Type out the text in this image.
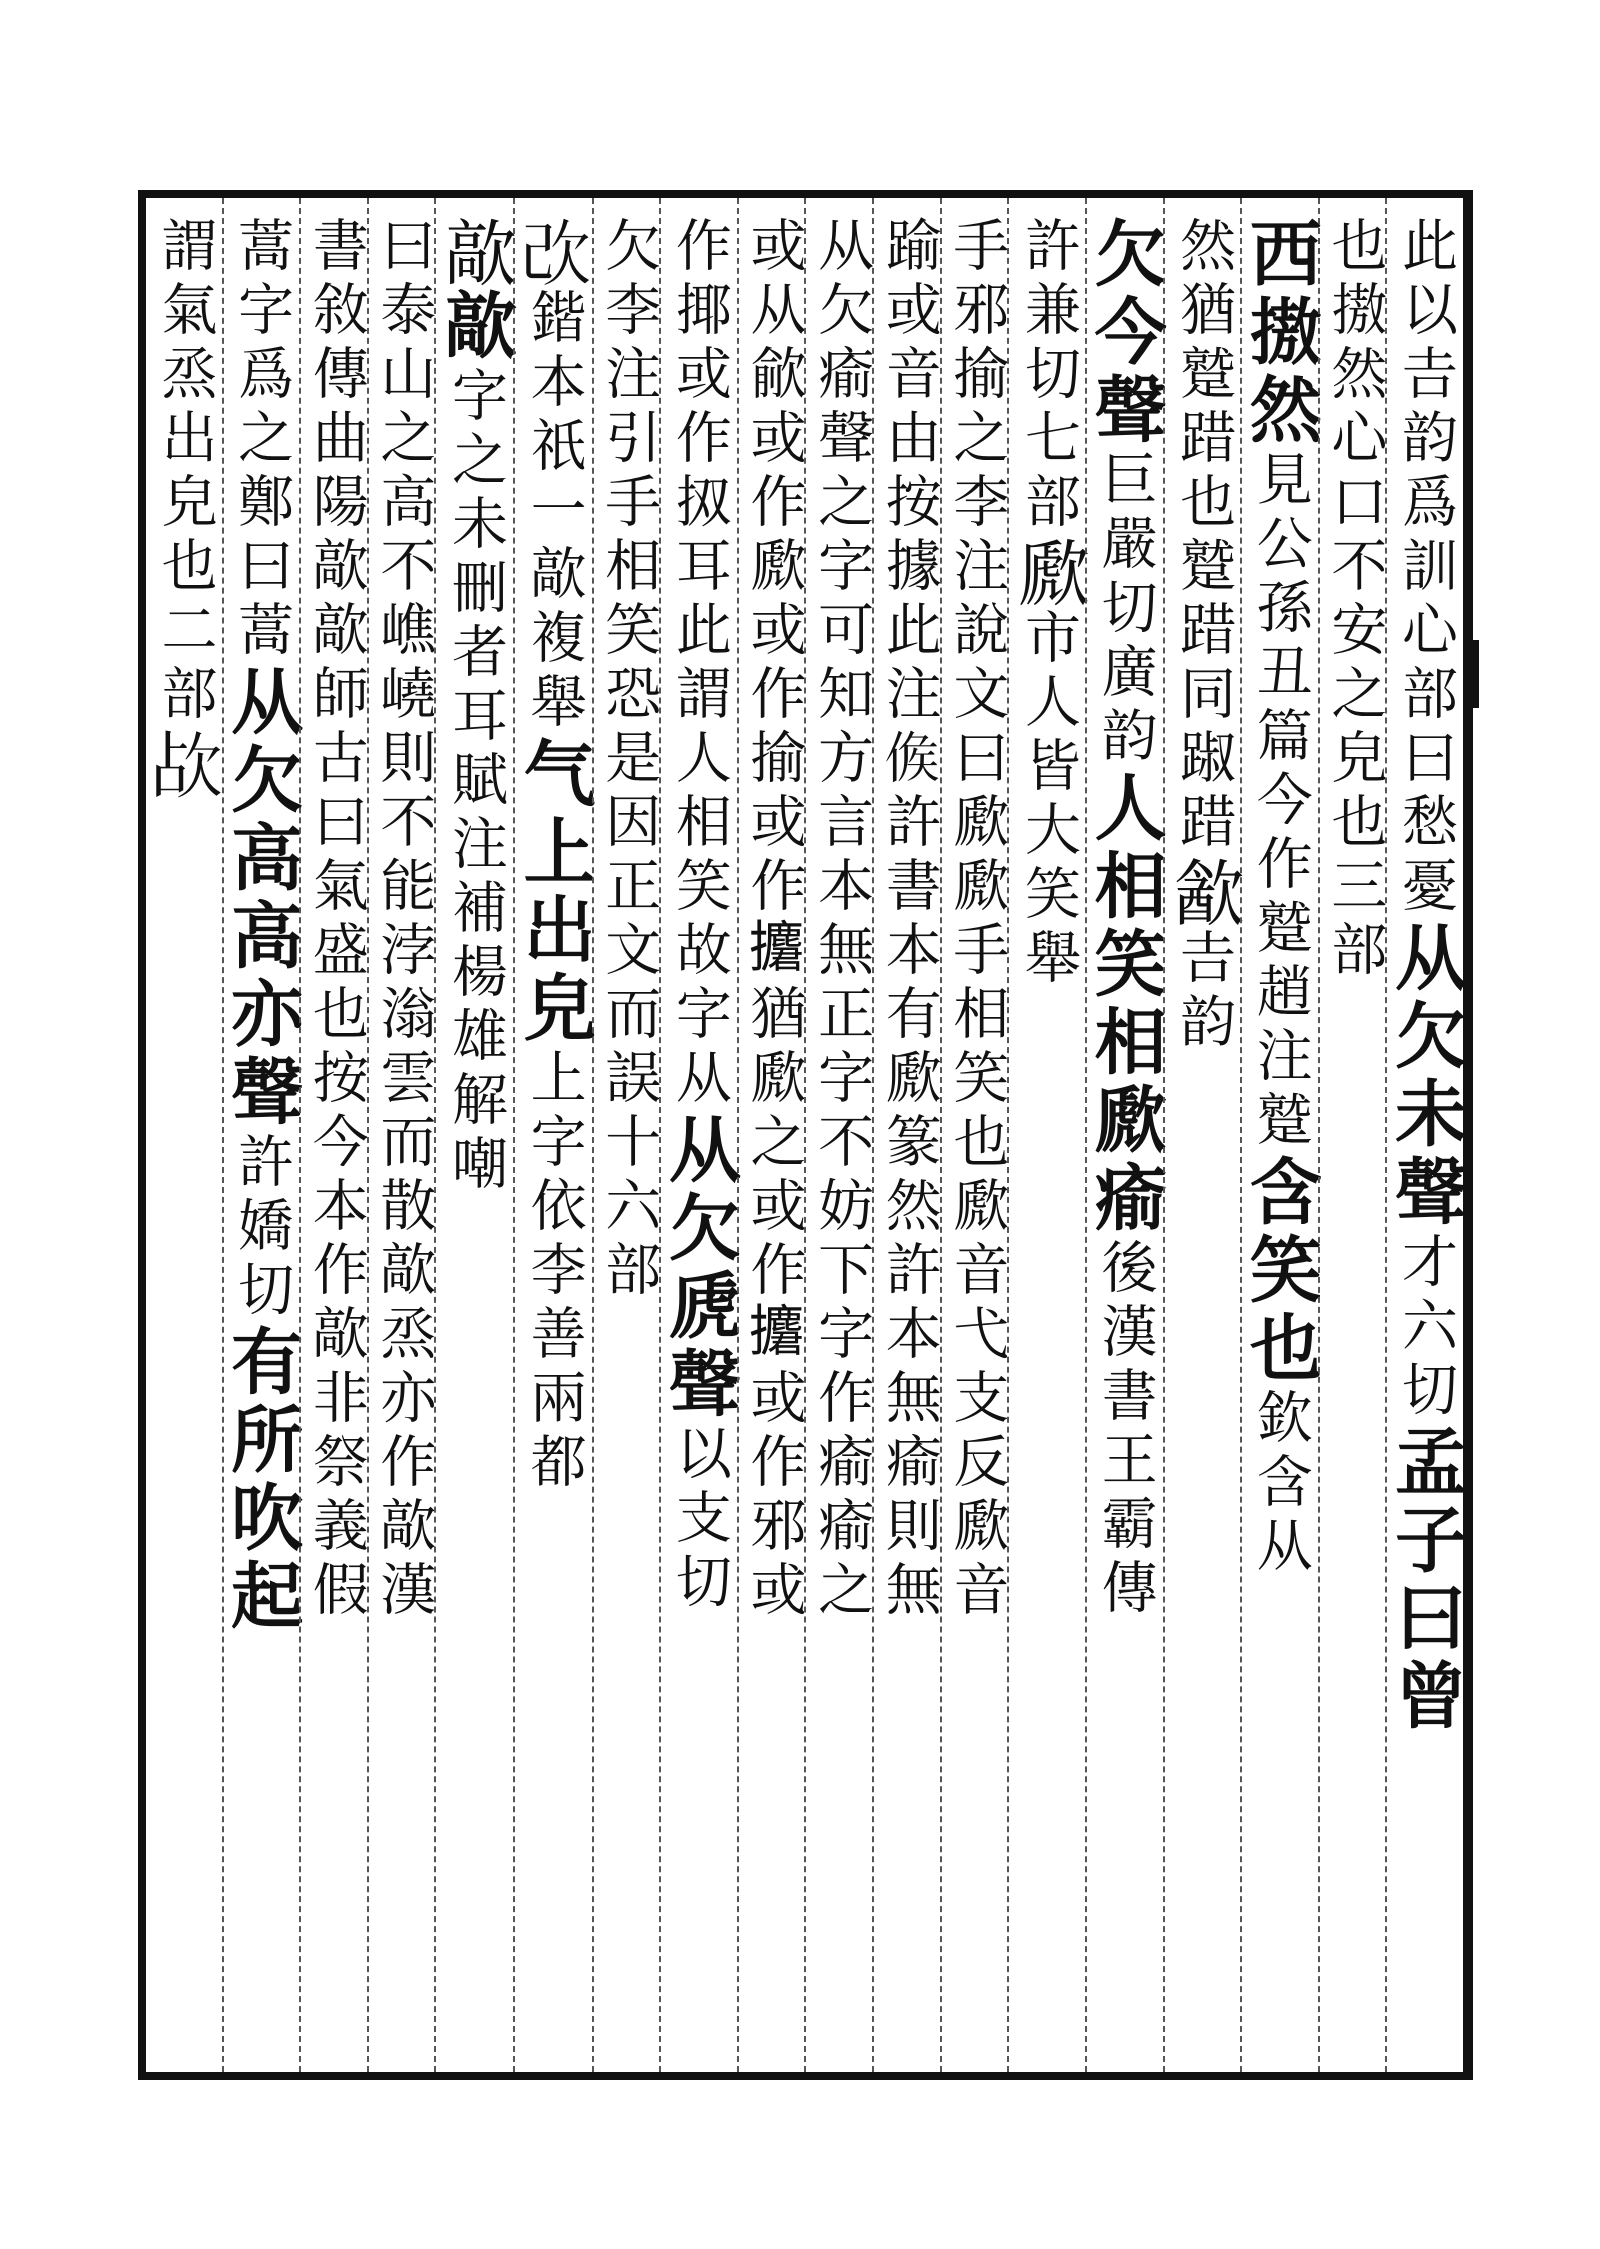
此以𠮷韵爲訓心部曰愁憂从欠未聲才六切孟子曰曾
也𢳆然心口不安之皃也三部
西𢳆然見公孫丑篇今作蹵趙注蹵含笑也欽含从
然猶蹵踖也蹵踖同踧踖㱃𠮷韵
欠今聲巨嚴切廣韵人相笑相歋瘉後漢書王霸傳
許兼切七部歋市人皆大笑舉
手邪揄之李注說文曰歋歋手相笑也歋音弋支反歋音
踰或音由按據此注𠊱許書本有歋篆然許本無瘉則無
从欠瘉聲之字可知方言本無正字不妨下字作瘉瘉之
或从歈或作歋或作揄或作𢹲猶歋之或作𢹲或作邪或
作揶或作㧐耳此謂人相笑故字从从欠虒聲以支切
欠李注引手相笑恐是因正文而誤十六部
𣢇鍇本祇一歊複舉气上出皃上字依李善兩都
歊歊字之未刪者耳賦注補楊雄解嘲
曰泰山之高不嶕嶢則不能浡滃雲而散歊烝亦作歊漢
書敘傳曲陽歊歊師古曰氣盛也按今本作歊非祭義假
蒿字爲之鄭曰蒿从欠高高亦聲許嬌切有所吹起
謂氣烝出皃也二部𣢤
